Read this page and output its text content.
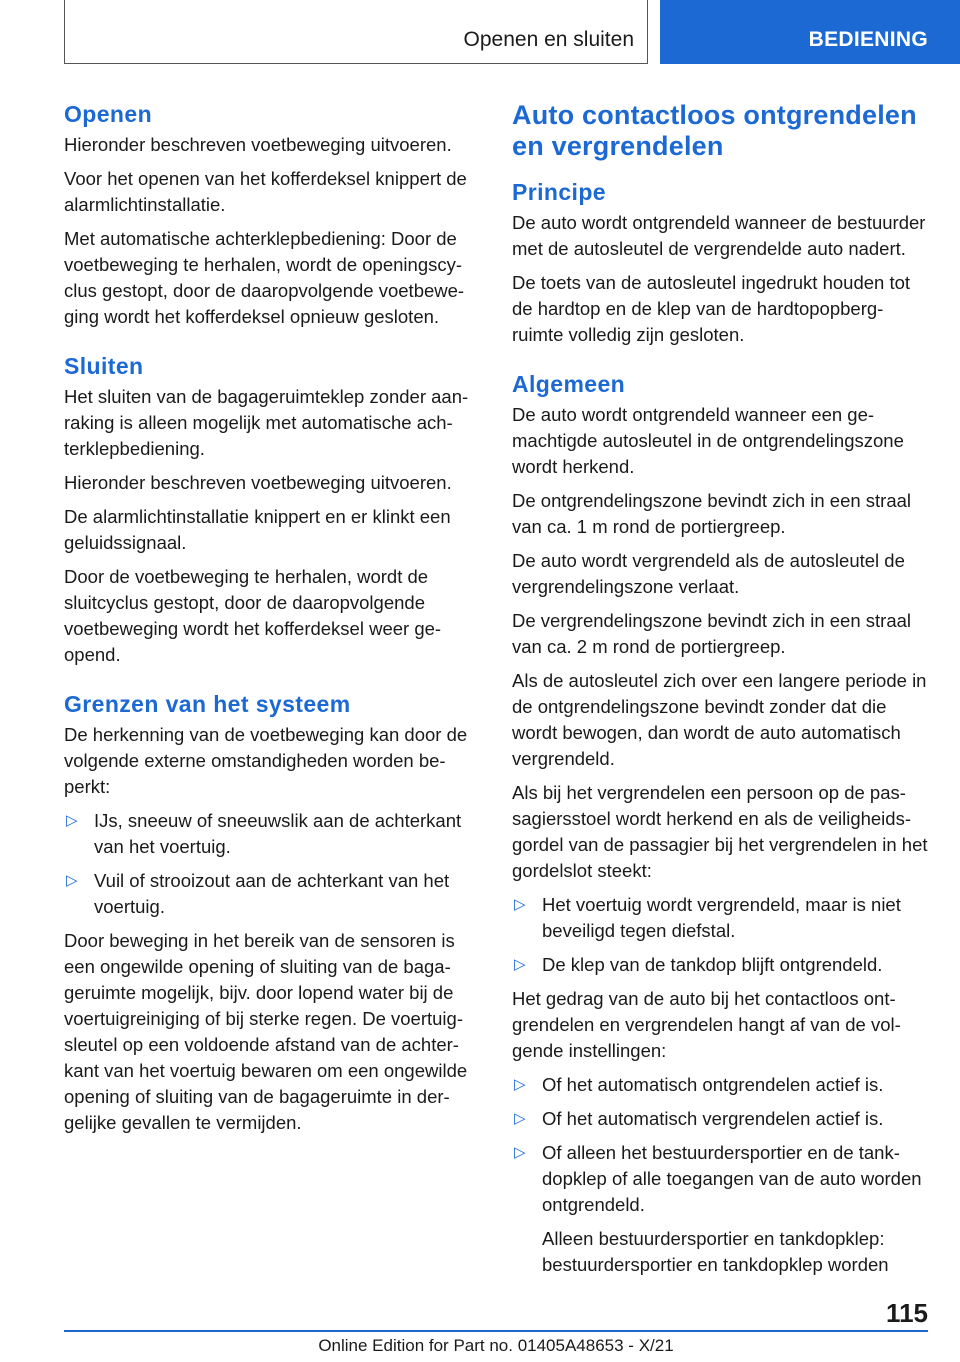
Openen en sluiten	BEDIENING
Openen

Hieronder beschreven voetbeweging uitvoeren.

Voor het openen van het kofferdeksel knippert de alarmlichtinstallatie.

Met automatische achterklepbediening: Door de voetbeweging te herhalen, wordt de openingscyclus gestopt, door de daaropvolgende voetbeweging wordt het kofferdeksel opnieuw gesloten.

Sluiten

Het sluiten van de bagageruimteklep zonder aanraking is alleen mogelijk met automatische achterklepbediening.

Hieronder beschreven voetbeweging uitvoeren.

De alarmlichtinstallatie knippert en er klinkt een geluidssignaal.

Door de voetbeweging te herhalen, wordt de sluitcyclus gestopt, door de daaropvolgende voetbeweging wordt het kofferdeksel weer geopend.

Grenzen van het systeem

De herkenning van de voetbeweging kan door de volgende externe omstandigheden worden beperkt:

▷ IJs, sneeuw of sneeuwslik aan de achterkant van het voertuig.
▷ Vuil of strooizout aan de achterkant van het voertuig.

Door beweging in het bereik van de sensoren is een ongewilde opening of sluiting van de bagageruimte mogelijk, bijv. door lopend water bij de voertuigreiniging of bij sterke regen. De voertuigsleutel op een voldoende afstand van de achterkant van het voertuig bewaren om een ongewilde opening of sluiting van de bagageruimte in dergelijke gevallen te vermijden.

Auto contactloos ontgrendelen en vergrendelen
Principe

De auto wordt ontgrendeld wanneer de bestuurder met de autosleutel de vergrendelde auto nadert.

De toets van de autosleutel ingedrukt houden tot de hardtop en de klep van de hardtopopbergruimte volledig zijn gesloten.

Algemeen

De auto wordt ontgrendeld wanneer een gemachtigde autosleutel in de ontgrendelingszone wordt herkend.

De ontgrendelingszone bevindt zich in een straal van ca. 1 m rond de portiergreep.

De auto wordt vergrendeld als de autosleutel de vergrendelingszone verlaat.

De vergrendelingszone bevindt zich in een straal van ca. 2 m rond de portiergreep.

Als de autosleutel zich over een langere periode in de ontgrendelingszone bevindt zonder dat die wordt bewogen, dan wordt de auto automatisch vergrendeld.

Als bij het vergrendelen een persoon op de passagiersstoel wordt herkend en als de veiligheidsgordel van de passagier bij het vergrendelen in het gordelslot steekt:

▷ Het voertuig wordt vergrendeld, maar is niet beveiligd tegen diefstal.
▷ De klep van de tankdop blijft ontgrendeld.

Het gedrag van de auto bij het contactloos ontgrendelen en vergrendelen hangt af van de volgende instellingen:

▷ Of het automatisch ontgrendelen actief is.
▷ Of het automatisch vergrendelen actief is.
▷ Of alleen het bestuurdersportier en de tankdopklep of alle toegangen van de auto worden ontgrendeld.

Alleen bestuurdersportier en tankdopklep: bestuurdersportier en tankdopklep worden

115
Online Edition for Part no. 01405A48653 - X/21
